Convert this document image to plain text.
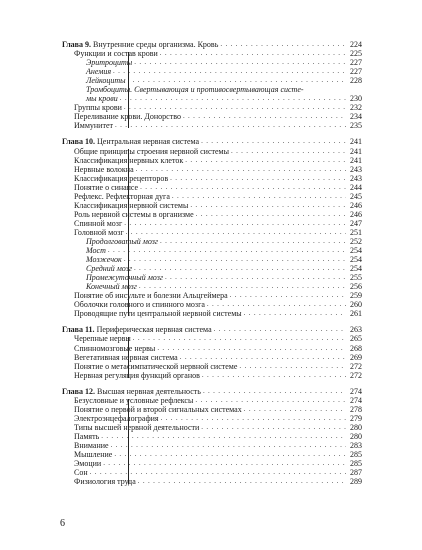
Глава 9. Внутренние среды организма. Кровь . . .	224
Функции и состав крови . . .	225
Эритроциты . . .	227
Анемия . . .	227
Лейкоциты . . .	228
Тромбоциты. Свертывающая и противосвертывающая систе-
мы крови . . .	230
Группы крови . . .	232
Переливание крови. Донорство . . .	234
Иммунитет . . .	235
Глава 10. Центральная нервная система . . .	241
Общие принципы строения нервной системы . . .	241
Классификация нервных клеток . . .	241
Нервные волокна . . .	243
Классификация рецепторов . . .	243
Понятие о синапсе . . .	244
Рефлекс. Рефлекторная дуга . . .	245
Классификация нервной системы . . .	246
Роль нервной системы в организме . . .	246
Спинной мозг . . .	247
Головной мозг . . .	251
Продолговатый мозг . . .	252
Мост . . .	254
Мозжечок . . .	254
Средний мозг . . .	254
Промежуточный мозг . . .	255
Конечный мозг . . .	256
Понятие об инсульте и болезни Альцгеймера . . .	259
Оболочки головного и спинного мозга . . .	260
Проводящие пути центральной нервной системы . . .	261
Глава 11. Периферическая нервная система . . .	263
Черепные нервы . . .	265
Спинномозговые нервы . . .	268
Вегетативная нервная система . . .	269
Понятие о метасимпатической нервной системе . . .	272
Нервная регуляция функций органов . . .	272
Глава 12. Высшая нервная деятельность . . .	274
Безусловные и условные рефлексы . . .	274
Понятие о первой и второй сигнальных системах . . .	278
Электроэнцефалография . . .	279
Типы высшей нервной деятельности . . .	280
Память . . .	280
Внимание . . .	283
Мышление . . .	285
Эмоции . . .	285
Сон . . .	287
Физиология труда . . .	289
6
